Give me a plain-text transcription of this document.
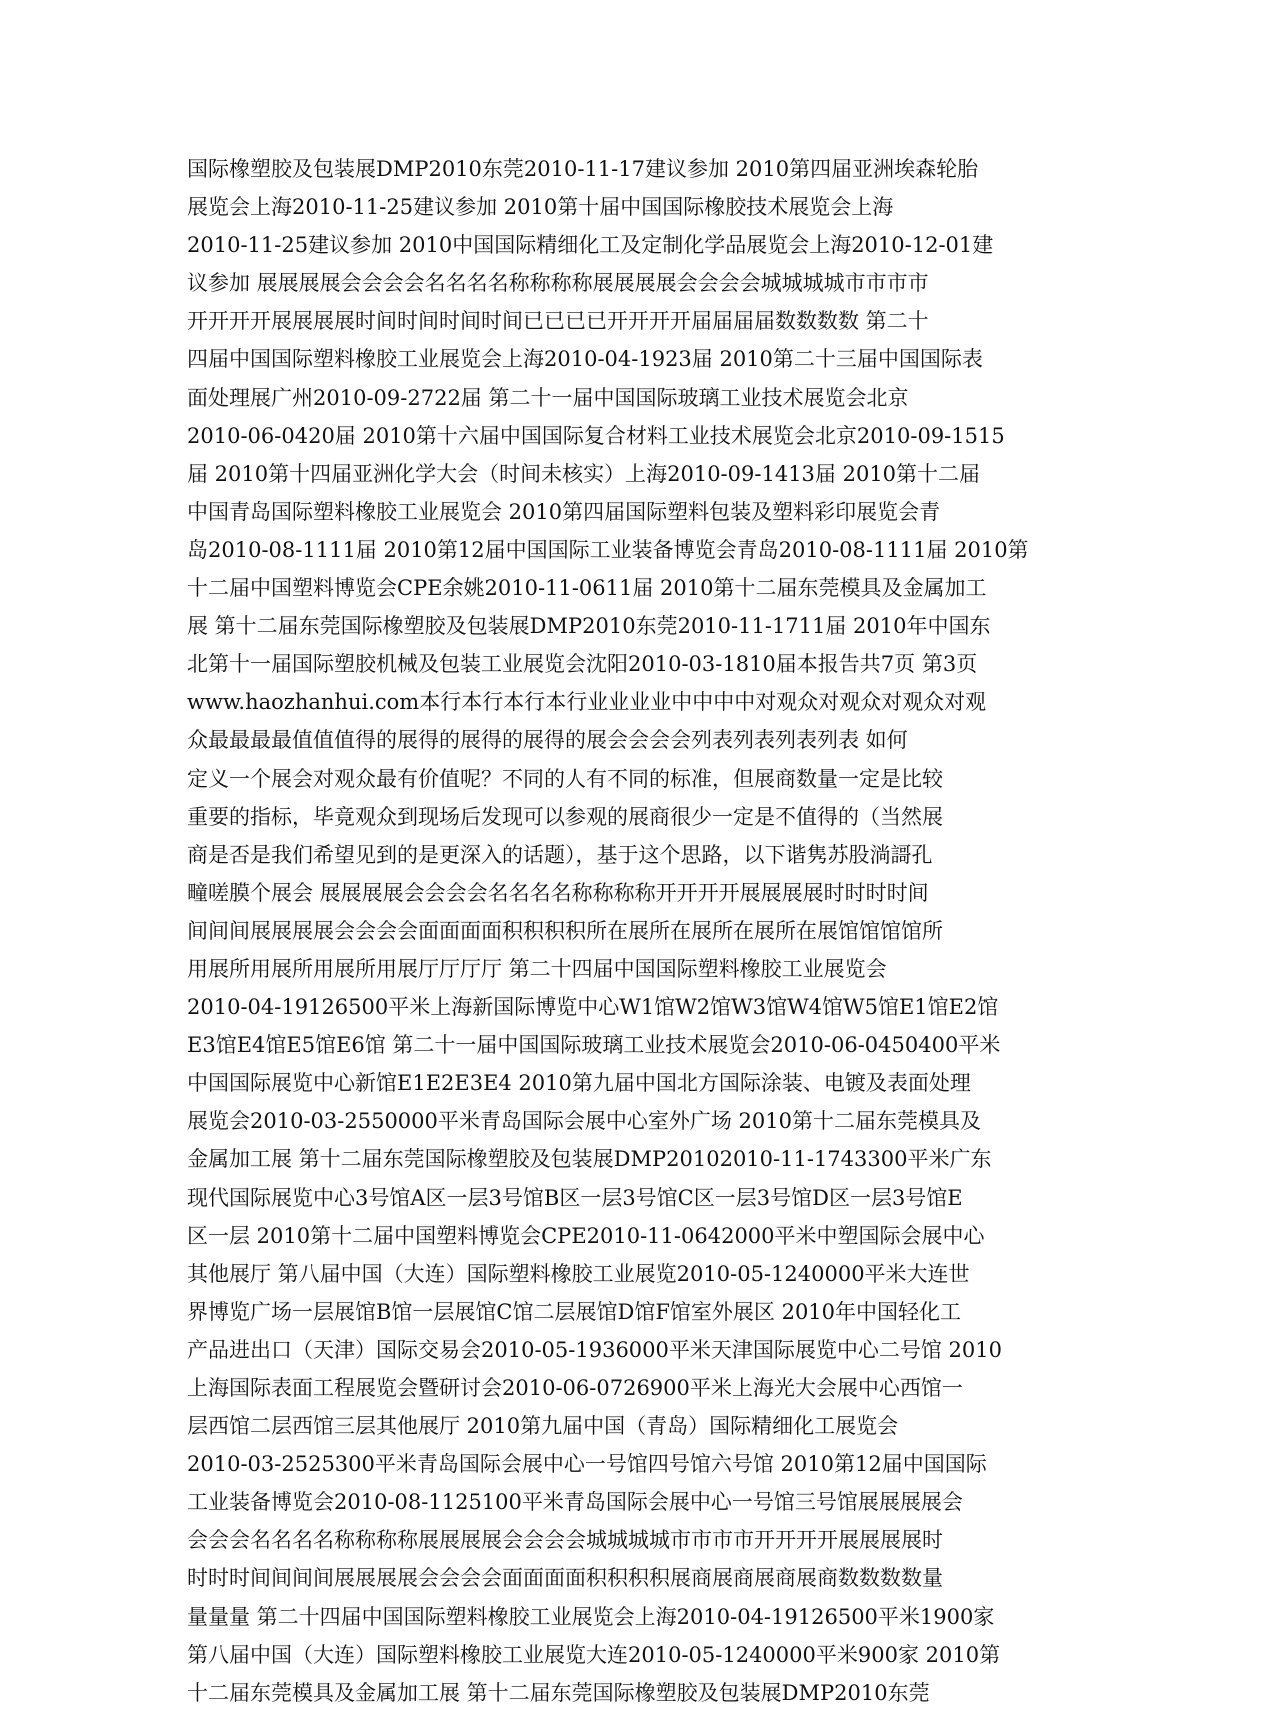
国际橡塑胶及包装展DMP2010东莞2010-11-17建议参加 2010第四届亚洲埃森轮胎
展览会上海2010-11-25建议参加 2010第十届中国国际橡胶技术展览会上海
2010-11-25建议参加 2010中国国际精细化工及定制化学品展览会上海2010-12-01建
议参加 展展展展会会会会名名名名称称称称展展展展会会会会城城城城市市市市
开开开开展展展展时间时间时间时间已已已已开开开开届届届届数数数数 第二十
四届中国国际塑料橡胶工业展览会上海2010-04-1923届 2010第二十三届中国国际表
面处理展广州2010-09-2722届 第二十一届中国国际玻璃工业技术展览会北京
2010-06-0420届 2010第十六届中国国际复合材料工业技术展览会北京2010-09-1515
届 2010第十四届亚洲化学大会（时间未核实）上海2010-09-1413届 2010第十二届
中国青岛国际塑料橡胶工业展览会 2010第四届国际塑料包装及塑料彩印展览会青
岛2010-08-1111届 2010第12届中国国际工业装备博览会青岛2010-08-1111届 2010第
十二届中国塑料博览会CPE余姚2010-11-0611届 2010第十二届东莞模具及金属加工
展 第十二届东莞国际橡塑胶及包装展DMP2010东莞2010-11-1711届 2010年中国东
北第十一届国际塑胶机械及包装工业展览会沈阳2010-03-1810届本报告共7页 第3页
www.haozhanhui.com本行本行本行本行业业业业中中中中对观众对观众对观众对观
众最最最最值值值得的展得的展得的展得的展会会会会列表列表列表列表 如何
定义一个展会对观众最有价值呢？不同的人有不同的标准，但展商数量一定是比较
重要的指标，毕竟观众到现场后发现可以参观的展商很少一定是不值得的（当然展
商是否是我们希望见到的是更深入的话题），基于这个思路，以下谐隽苏股淌謌孔
疃嗟膜个展会 展展展展会会会会名名名名称称称称开开开开展展展展时时时时间
间间间展展展展会会会会面面面面积积积积所在展所在展所在展所在展馆馆馆馆所
用展所用展所用展所用展厅厅厅厅 第二十四届中国国际塑料橡胶工业展览会
2010-04-19126500平米上海新国际博览中心W1馆W2馆W3馆W4馆W5馆E1馆E2馆
E3馆E4馆E5馆E6馆 第二十一届中国国际玻璃工业技术展览会2010-06-0450400平米
中国国际展览中心新馆E1E2E3E4 2010第九届中国北方国际涂装、电镀及表面处理
展览会2010-03-2550000平米青岛国际会展中心室外广场 2010第十二届东莞模具及
金属加工展 第十二届东莞国际橡塑胶及包装展DMP20102010-11-1743300平米广东
现代国际展览中心3号馆A区一层3号馆B区一层3号馆C区一层3号馆D区一层3号馆E
区一层 2010第十二届中国塑料博览会CPE2010-11-0642000平米中塑国际会展中心
其他展厅 第八届中国（大连）国际塑料橡胶工业展览2010-05-1240000平米大连世
界博览广场一层展馆B馆一层展馆C馆二层展馆D馆F馆室外展区 2010年中国轻化工
产品进出口（天津）国际交易会2010-05-1936000平米天津国际展览中心二号馆 2010
上海国际表面工程展览会暨研讨会2010-06-0726900平米上海光大会展中心西馆一
层西馆二层西馆三层其他展厅 2010第九届中国（青岛）国际精细化工展览会
2010-03-2525300平米青岛国际会展中心一号馆四号馆六号馆 2010第12届中国国际
工业装备博览会2010-08-1125100平米青岛国际会展中心一号馆三号馆展展展展会
会会会名名名名称称称称展展展展会会会会城城城城市市市市开开开开展展展展时
时时时间间间间展展展展会会会会面面面面积积积积展商展商展商展商数数数数量
量量量 第二十四届中国国际塑料橡胶工业展览会上海2010-04-19126500平米1900家
第八届中国（大连）国际塑料橡胶工业展览大连2010-05-1240000平米900家 2010第
十二届东莞模具及金属加工展 第十二届东莞国际橡塑胶及包装展DMP2010东莞
